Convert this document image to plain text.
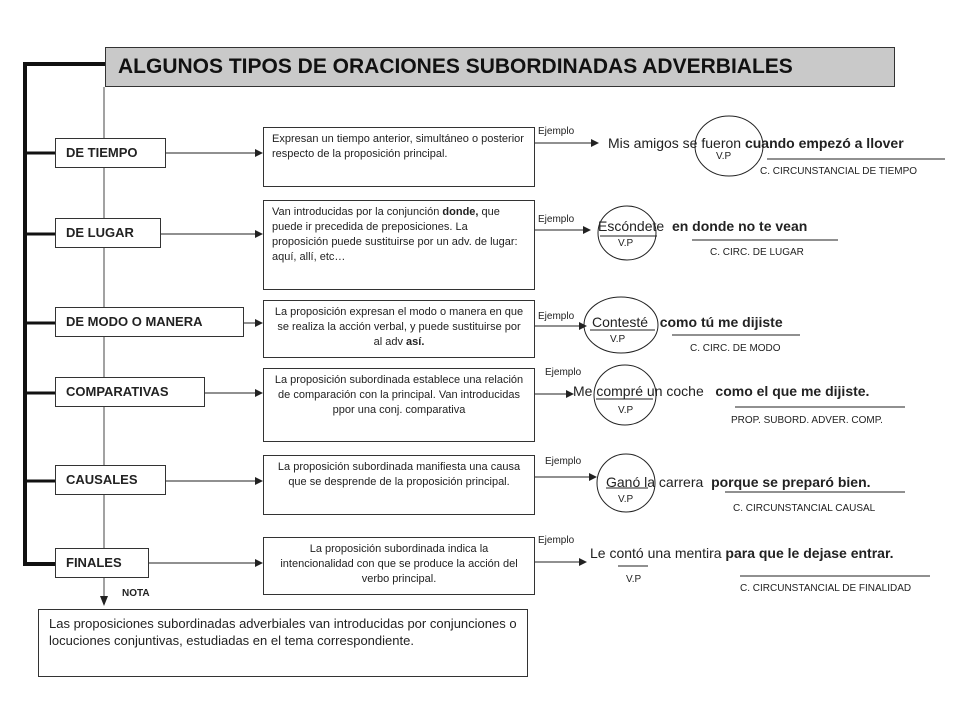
ALGUNOS TIPOS DE ORACIONES SUBORDINADAS ADVERBIALES
DE TIEMPO
DE LUGAR
DE MODO O MANERA
COMPARATIVAS
CAUSALES
FINALES
Expresan un tiempo anterior, simultáneo o posterior respecto de la proposición principal.
Van introducidas por la conjunción donde, que puede ir precedida de preposiciones. La proposición puede sustituirse por un adv. de lugar: aquí, allí, etc…
La proposición expresan el modo o manera en que se realiza la acción verbal, y puede sustituirse por al adv así.
La proposición subordinada establece una relación de comparación con la principal. Van introducidas ppor una conj. comparativa
La proposición subordinada manifiesta una causa que se desprende de la proposición principal.
La proposición subordinada indica la intencionalidad con que se produce la acción del verbo principal.
Ejemplo
Ejemplo
Ejemplo
Ejemplo
Ejemplo
Ejemplo
Mis amigos se fueron cuando empezó a llover
Escóndete en donde no te vean
Contesté como tú me dijiste
Me compré un coche como el que me dijiste.
Ganó la carrera porque se preparó bien.
Le contó una mentira para que le dejase entrar.
V.P
V.P
V.P
V.P
V.P
V.P
C. CIRCUNSTANCIAL DE TIEMPO
C. CIRC. DE LUGAR
C. CIRC. DE MODO
PROP. SUBORD. ADVER. COMP.
C. CIRCUNSTANCIAL CAUSAL
C. CIRCUNSTANCIAL DE FINALIDAD
NOTA
Las proposiciones subordinadas adverbiales van introducidas por conjunciones o locuciones conjuntivas, estudiadas en el tema correspondiente.
